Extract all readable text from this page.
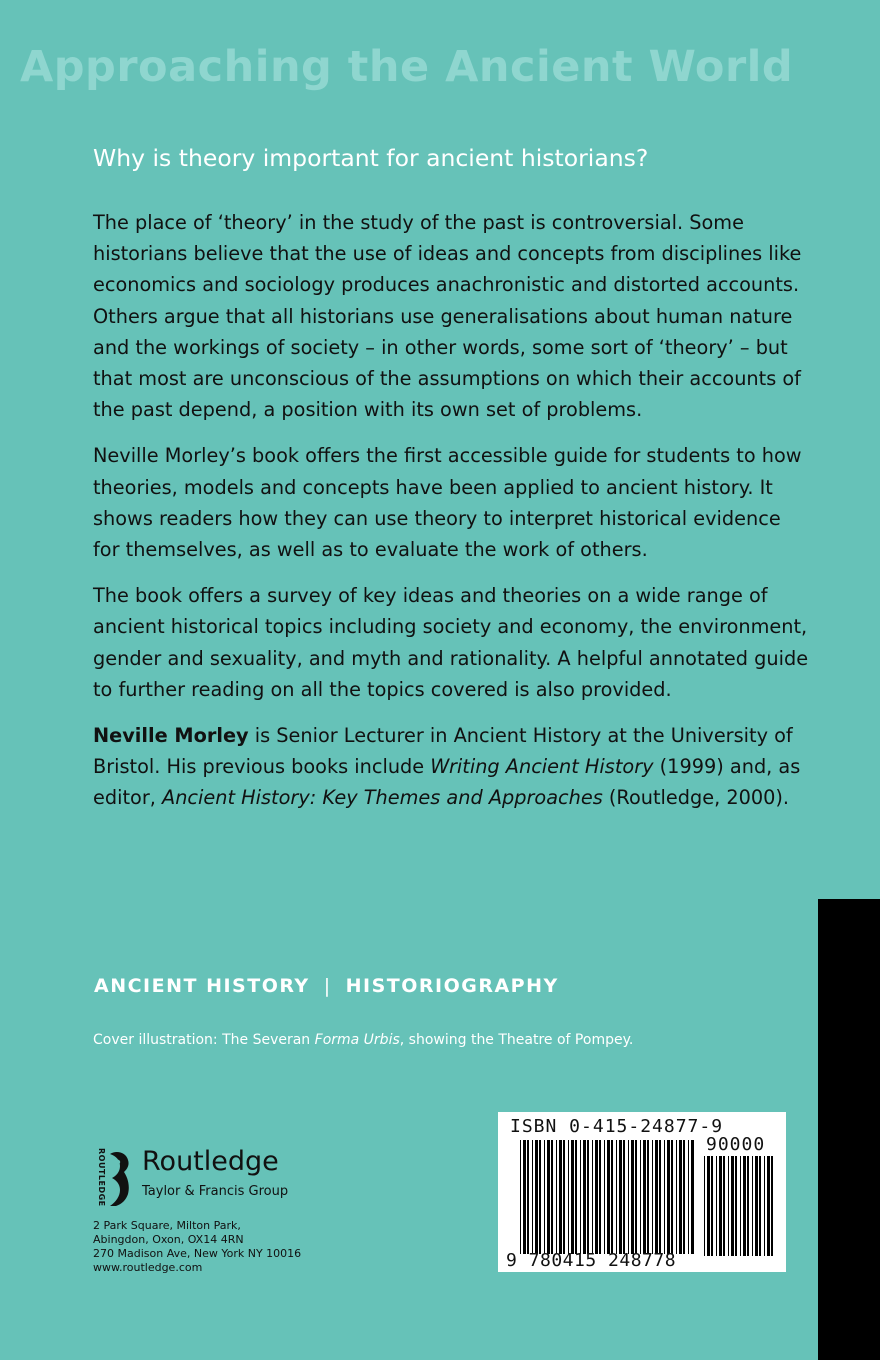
Approaching the Ancient World
Why is theory important for ancient historians?

The place of ‘theory’ in the study of the past is controversial. Some historians believe that the use of ideas and concepts from disciplines like economics and sociology produces anachronistic and distorted accounts. Others argue that all historians use generalisations about human nature and the workings of society – in other words, some sort of ‘theory’ – but that most are unconscious of the assumptions on which their accounts of the past depend, a position with its own set of problems.

Neville Morley’s book offers the first accessible guide for students to how theories, models and concepts have been applied to ancient history. It shows readers how they can use theory to interpret historical evidence for themselves, as well as to evaluate the work of others.

The book offers a survey of key ideas and theories on a wide range of ancient historical topics including society and economy, the environment, gender and sexuality, and myth and rationality. A helpful annotated guide to further reading on all the topics covered is also provided.

Neville Morley is Senior Lecturer in Ancient History at the University of Bristol. His previous books include Writing Ancient History (1999) and, as editor, Ancient History: Key Themes and Approaches (Routledge, 2000).

ANCIENT HISTORY | HISTORIOGRAPHY

Cover illustration: The Severan Forma Urbis, showing the Theatre of Pompey.

ROUTLEDGE Routledge

Taylor & Francis Group

2 Park Square, Milton Park,
Abingdon, Oxon, OX14 4RN
270 Madison Ave, New York NY 10016
www.routledge.com

ISBN 0-415-24877-9

9 780415 248778

90000
